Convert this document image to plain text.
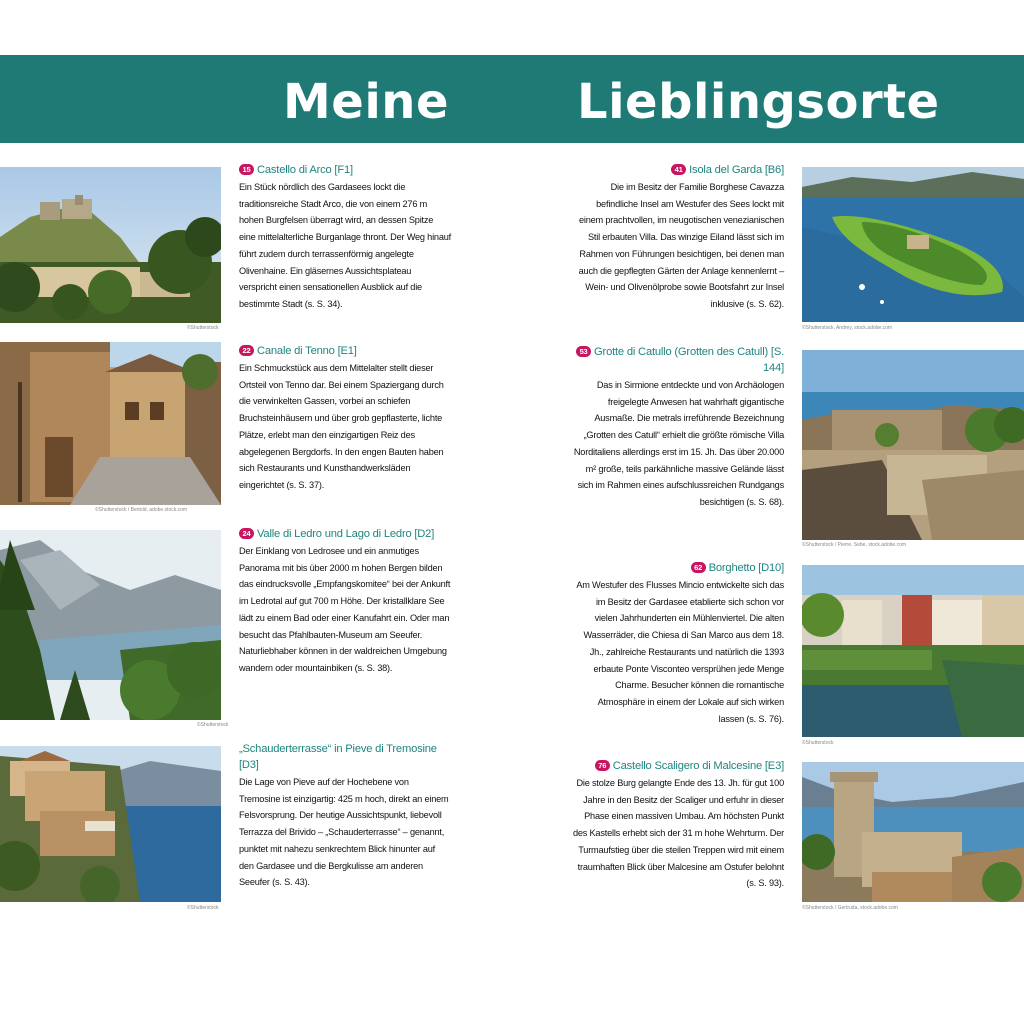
Meine	Lieblingsorte
©Shutterstock
©Shutterstock / Bertold, adobe.stock.com
©Shutterstock
©Shutterstock
15 Castello di Arco [F1]
Ein Stück nördlich des Gardasees lockt die traditionsreiche Stadt Arco, die von einem 276 m hohen Burgfelsen überragt wird, an dessen Spitze eine mittelalterliche Burganlage thront. Der Weg hinauf führt zudem durch terrassenförmig angelegte Olivenhaine. Ein gläsernes Aussichtsplateau verspricht einen sensationellen Ausblick auf die bestimmte Stadt (s. S. 34).
22 Canale di Tenno [E1]
Ein Schmuckstück aus dem Mittelalter stellt dieser Ortsteil von Tenno dar. Bei einem Spaziergang durch die verwinkelten Gassen, vorbei an schiefen Bruchsteinhäusern und über grob gepflasterte, lichte Plätze, erlebt man den einzigartigen Reiz des abgelegenen Bergdorfs. In den engen Bauten haben sich Restaurants und Kunsthandwerksläden eingerichtet (s. S. 37).
24 Valle di Ledro und Lago di Ledro [D2]
Der Einklang von Ledrosee und ein anmutiges Panorama mit bis über 2000 m hohen Bergen bilden das eindrucksvolle „Empfangskomitee“ bei der Ankunft im Ledrotal auf gut 700 m Höhe. Der kristallklare See lädt zu einem Bad oder einer Kanufahrt ein. Oder man besucht das Pfahlbauten-Museum am Seeufer. Naturliebhaber können in der waldreichen Umgebung wandern oder mountainbiken (s. S. 38).
„Schauderterrasse“ in Pieve di Tremosine [D3]
Die Lage von Pieve auf der Hochebene von Tremosine ist einzigartig: 425 m hoch, direkt an einem Felsvorsprung. Der heutige Aussichtspunkt, liebevoll Terrazza del Brivido – „Schauderterrasse“ – genannt, punktet mit nahezu senkrechtem Blick hinunter auf den Gardasee und die Bergkulisse am anderen Seeufer (s. S. 43).
41 Isola del Garda [B6]
Die im Besitz der Familie Borghese Cavazza befindliche Insel am Westufer des Sees lockt mit einem prachtvollen, im neugotischen venezianischen Stil erbauten Villa. Das winzige Eiland lässt sich im Rahmen von Führungen besichtigen, bei denen man auch die gepflegten Gärten der Anlage kennenlernt – Wein- und Olivenölprobe sowie Bootsfahrt zur Insel inklusive (s. S. 62).
53 Grotte di Catullo (Grotten des Catull) [S. 144]
Das in Sirmione entdeckte und von Archäologen freigelegte Anwesen hat wahrhaft gigantische Ausmaße. Die metrals irreführende Bezeichnung „Grotten des Catull“ erhielt die größte römische Villa Norditaliens allerdings erst im 15. Jh. Das über 20.000 m² große, teils parkähnliche massive Gelände lässt sich im Rahmen eines aufschlussreichen Rundgangs besichtigen (s. S. 68).
62 Borghetto [D10]
Am Westufer des Flusses Mincio entwickelte sich das im Besitz der Gardasee etablierte sich schon vor vielen Jahrhunderten ein Mühlenviertel. Die alten Wasserräder, die Chiesa di San Marco aus dem 18. Jh., zahlreiche Restaurants und natürlich die 1393 erbaute Ponte Visconteo versprühen jede Menge Charme. Besucher können die romantische Atmosphäre in einem der Lokale auf sich wirken lassen (s. S. 76).
76 Castello Scaligero di Malcesine [E3]
Die stolze Burg gelangte Ende des 13. Jh. für gut 100 Jahre in den Besitz der Scaliger und erfuhr in dieser Phase einen massiven Umbau. Am höchsten Punkt des Kastells erhebt sich der 31 m hohe Wehrturm. Der Turmaufstieg über die steilen Treppen wird mit einem traumhaften Blick über Malcesine am Ostufer belohnt (s. S. 93).
©Shutterstock, Andrey, stock.adobe.com
©Shutterstock / Pierre, Sebe, stock.adobe.com
©Shutterstock
©Shutterstock / Gertruda, stock.adobe.com
